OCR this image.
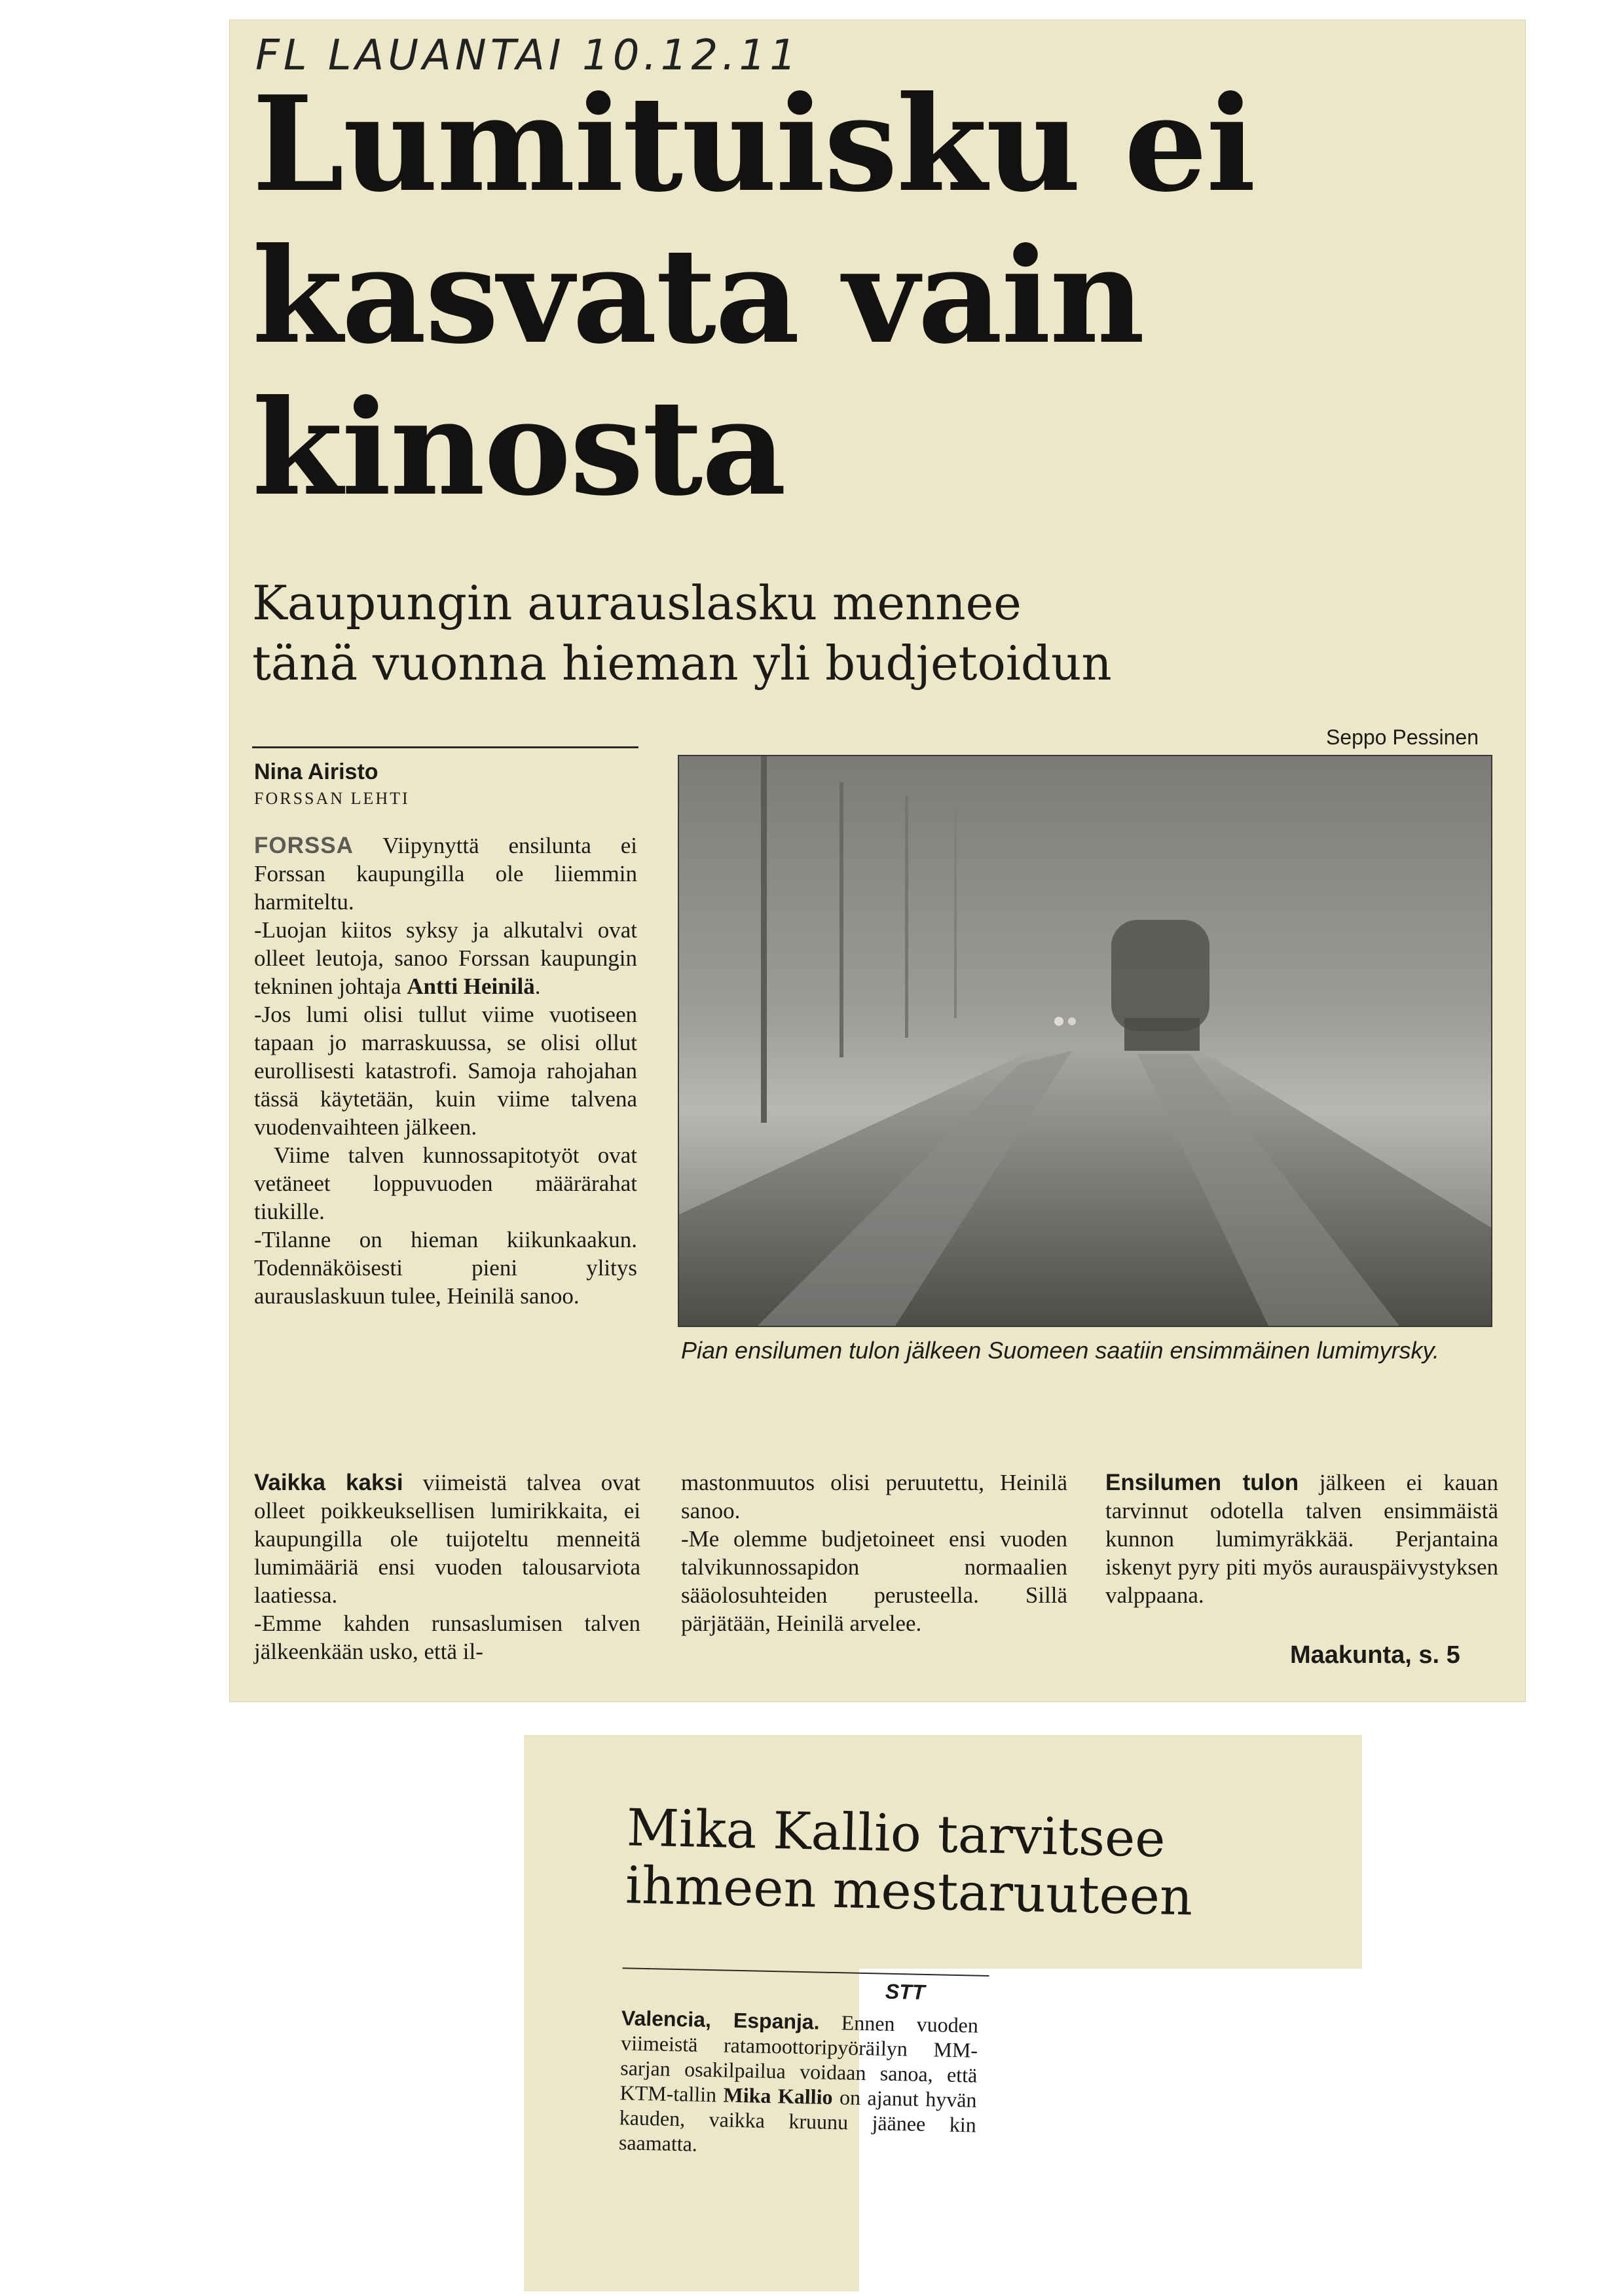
FL LAUANTAI 10.12.11
Lumituisku ei
kasvata vain
kinosta
Kaupungin aurauslasku mennee
tänä vuonna hieman yli budjetoidun
Nina Airisto
FORSSAN LEHTI

FORSSA Viipynyttä ensilunta ei Forssan kaupungilla ole liiemmin harmiteltu.

-Luojan kiitos syksy ja alkutalvi ovat olleet leutoja, sanoo Forssan kaupungin tekninen johtaja Antti Heinilä.

-Jos lumi olisi tullut viime vuotiseen tapaan jo marraskuussa, se olisi ollut eurollisesti katastrofi. Samoja rahojahan tässä käytetään, kuin viime talvena vuodenvaihteen jälkeen.

Viime talven kunnossapitotyöt ovat vetäneet loppuvuoden määrärahat tiukille.

-Tilanne on hieman kiikunkaakun. Todennäköisesti pieni ylitys aurauslaskuun tulee, Heinilä sanoo.

Seppo Pessinen
Pian ensilumen tulon jälkeen Suomeen saatiin ensimmäinen lumimyrsky.

Vaikka kaksi viimeistä talvea ovat olleet poikkeuksellisen lumirikkaita, ei kaupungilla ole tuijoteltu menneitä lumimääriä ensi vuoden talousarviota laatiessa.

-Emme kahden runsaslumisen talven jälkeenkään usko, että il-

mastonmuutos olisi peruutettu, Heinilä sanoo.

-Me olemme budjetoineet ensi vuoden talvikunnossapidon normaalien sääolosuhteiden perusteella. Sillä pärjätään, Heinilä arvelee.

Ensilumen tulon jälkeen ei kauan tarvinnut odotella talven ensimmäistä kunnon lumimyräkkää. Perjantaina iskenyt pyry piti myös aurauspäivystyksen valppaana.

Maakunta, s. 5
Mika Kallio tarvitsee
ihmeen mestaruuteen
STT

Valencia, Espanja. Ennen vuoden viimeistä ratamoottoripyöräilyn MM-sarjan osakilpailua voidaan sanoa, että KTM-tallin Mika Kallio on ajanut hyvän kauden, vaikka kruunu jäänee kin saamatta.
